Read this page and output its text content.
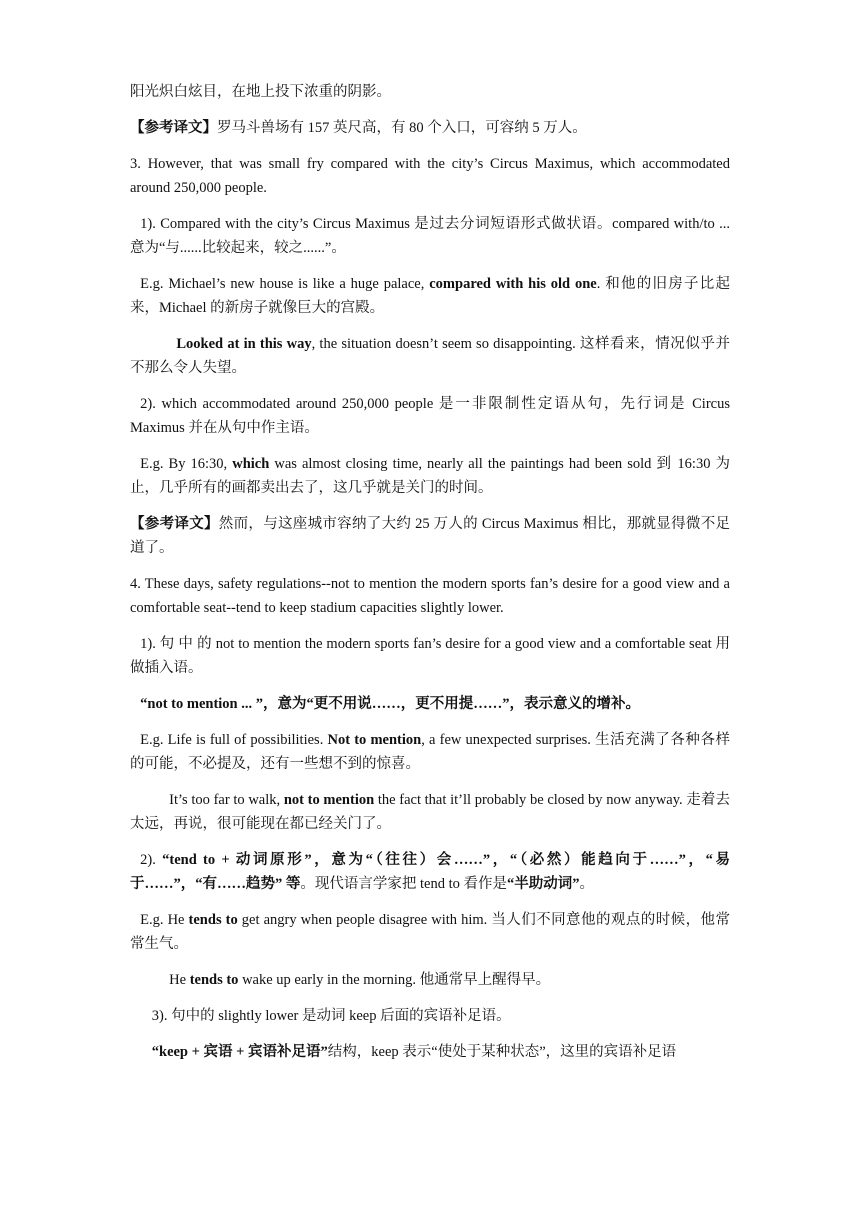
阳光炽白炫目，在地上投下浓重的阴影。

【参考译文】罗马斗兽场有 157 英尺高，有 80 个入口，可容纳 5 万人。

3. However, that was small fry compared with the city’s Circus Maximus, which accommodated around 250,000 people.

1). Compared with the city’s Circus Maximus 是过去分词短语形式做状语。compared with/to ... 意为“与......比较起来，较之......”。

E.g. Michael’s new house is like a huge palace, compared with his old one. 和他的旧房子比起来，Michael 的新房子就像巨大的宫殿。

Looked at in this way, the situation doesn’t seem so disappointing. 这样看来，情况似乎并不那么令人失望。

2). which accommodated around 250,000 people 是一非限制性定语从句，先行词是 Circus Maximus 并在从句中作主语。

E.g. By 16:30, which was almost closing time, nearly all the paintings had been sold 到 16:30 为止，几乎所有的画都卖出去了，这几乎就是关门的时间。

【参考译文】然而，与这座城市容纳了大约 25 万人的 Circus Maximus 相比，那就显得微不足道了。

4. These days, safety regulations--not to mention the modern sports fan’s desire for a good view and a comfortable seat--tend to keep stadium capacities slightly lower.

1). 句 中 的 not to mention the modern sports fan’s desire for a good view and a comfortable seat 用做插入语。

“not to mention ... ”，意为“更不用说……，更不用提……”，表示意义的增补。

E.g. Life is full of possibilities. Not to mention, a few unexpected surprises. 生活充满了各种各样的可能，不必提及，还有一些想不到的惊喜。

It’s too far to walk, not to mention the fact that it’ll probably be closed by now anyway. 走着去太远，再说，很可能现在都已经关门了。

2). “tend to + 动词原形”，意为“（往往）会……”，“（必然）能趋向于……”，“易于……”，“有……趋势” 等。现代语言学家把 tend to 看作是“半助动词”。

E.g. He tends to get angry when people disagree with him. 当人们不同意他的观点的时候，他常常生气。

He tends to wake up early in the morning. 他通常早上醒得早。

3). 句中的 slightly lower 是动词 keep 后面的宾语补足语。

“keep + 宾语 + 宾语补足语”结构，keep 表示“使处于某种状态”，这里的宾语补足语
